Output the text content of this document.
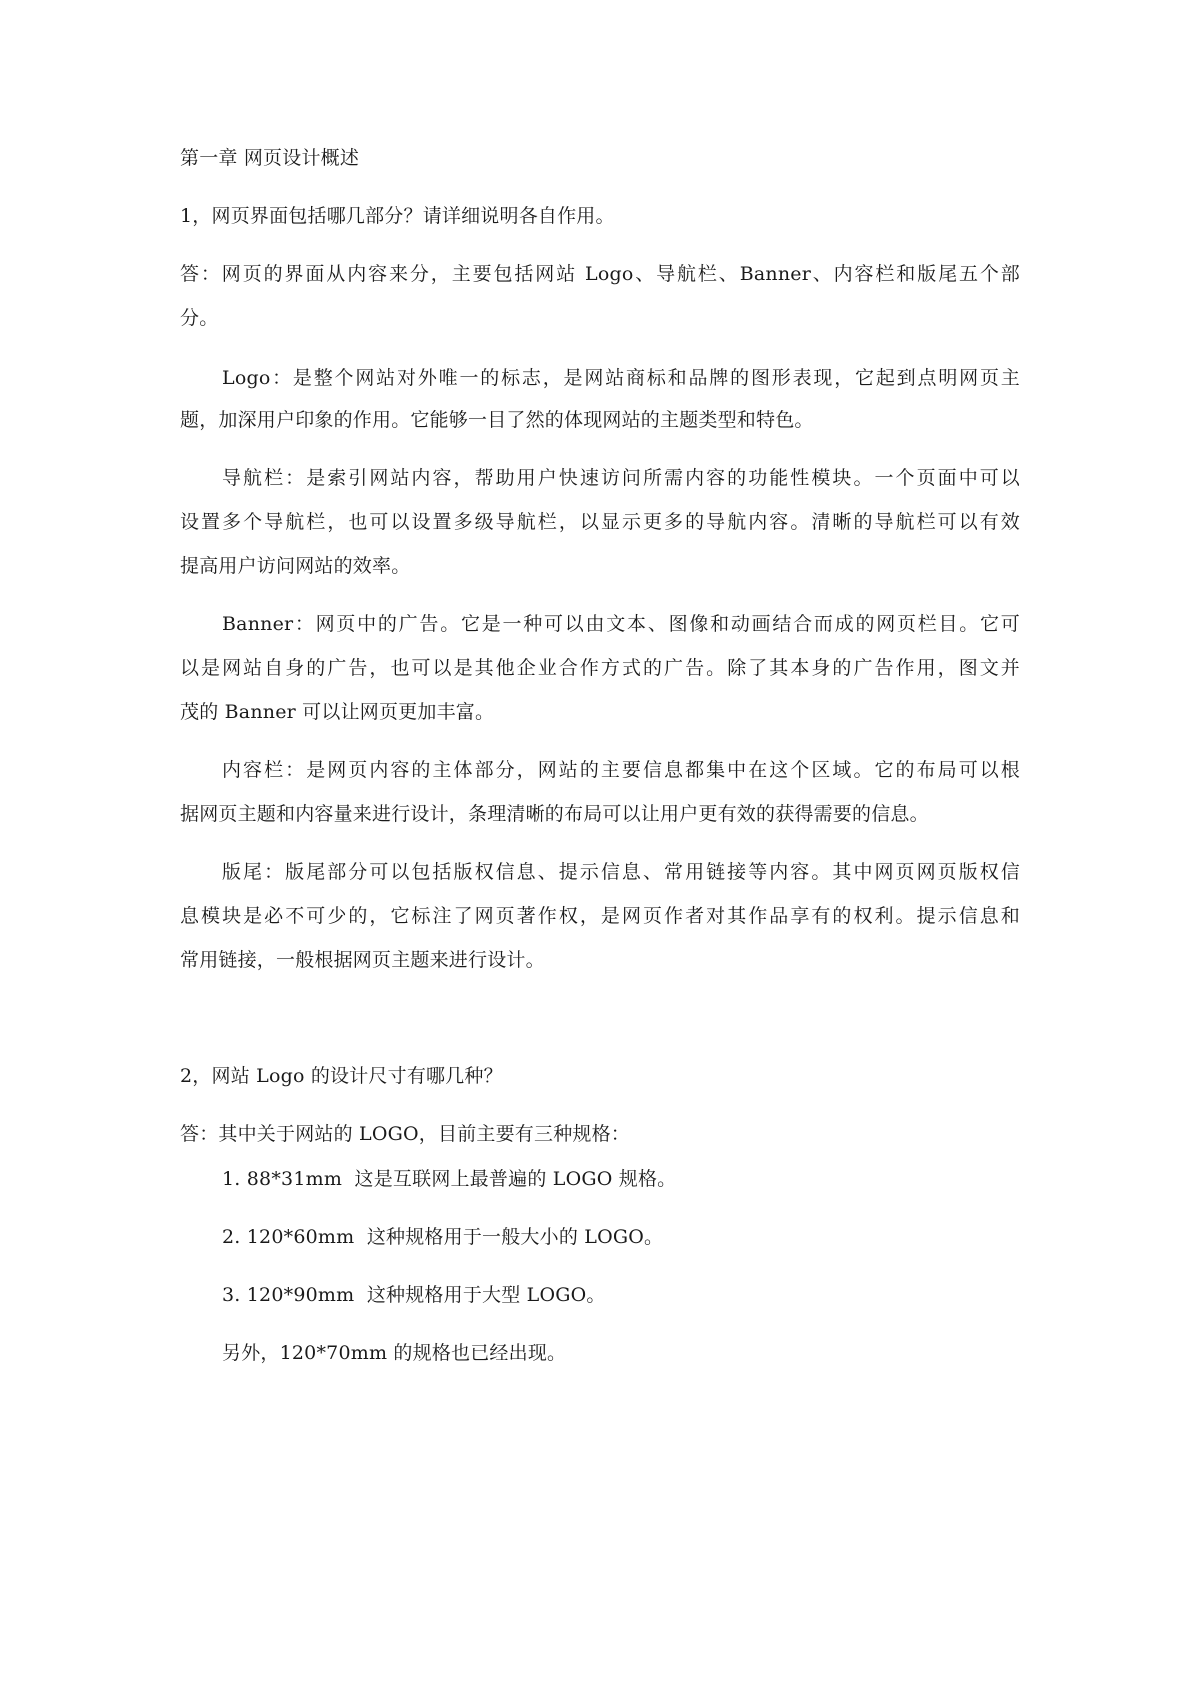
第一章 网页设计概述
1，网页界面包括哪几部分？请详细说明各自作用。
答：网页的界面从内容来分，主要包括网站 Logo、导航栏、Banner、内容栏和版尾五个部
分。
Logo：是整个网站对外唯一的标志，是网站商标和品牌的图形表现，它起到点明网页主
题，加深用户印象的作用。它能够一目了然的体现网站的主题类型和特色。
导航栏：是索引网站内容，帮助用户快速访问所需内容的功能性模块。一个页面中可以
设置多个导航栏，也可以设置多级导航栏，以显示更多的导航内容。清晰的导航栏可以有效
提高用户访问网站的效率。
Banner：网页中的广告。它是一种可以由文本、图像和动画结合而成的网页栏目。它可
以是网站自身的广告，也可以是其他企业合作方式的广告。除了其本身的广告作用，图文并
茂的 Banner 可以让网页更加丰富。
内容栏：是网页内容的主体部分，网站的主要信息都集中在这个区域。它的布局可以根
据网页主题和内容量来进行设计，条理清晰的布局可以让用户更有效的获得需要的信息。
版尾：版尾部分可以包括版权信息、提示信息、常用链接等内容。其中网页网页版权信
息模块是必不可少的，它标注了网页著作权，是网页作者对其作品享有的权利。提示信息和
常用链接，一般根据网页主题来进行设计。
2，网站 Logo 的设计尺寸有哪几种？
答：其中关于网站的 LOGO，目前主要有三种规格：
1. 88*31mm  这是互联网上最普遍的 LOGO 规格。
2. 120*60mm  这种规格用于一般大小的 LOGO。
3. 120*90mm  这种规格用于大型 LOGO。
另外，120*70mm 的规格也已经出现。
